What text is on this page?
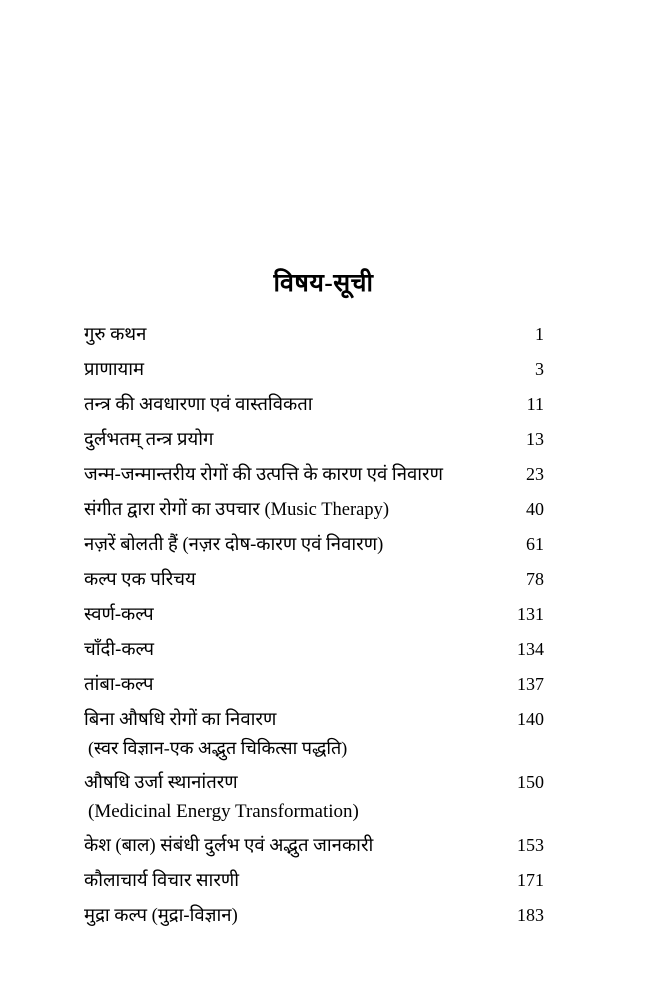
विषय-सूची
गुरु कथन	1
प्राणायाम	3
तन्त्र की अवधारणा एवं वास्तविकता	11
दुर्लभतम् तन्त्र प्रयोग	13
जन्म-जन्मान्तरीय रोगों की उत्पत्ति के कारण एवं निवारण	23
संगीत द्वारा रोगों का उपचार (Music Therapy)	40
नज़रें बोलती हैं (नज़र दोष-कारण एवं निवारण)	61
कल्प एक परिचय	78
स्वर्ण-कल्प	131
चाँदी-कल्प	134
तांबा-कल्प	137
बिना औषधि रोगों का निवारण	140
(स्वर विज्ञान-एक अद्भुत चिकित्सा पद्धति)
औषधि उर्जा स्थानांतरण	150
(Medicinal Energy Transformation)
केश (बाल) संबंधी दुर्लभ एवं अद्भुत जानकारी	153
कौलाचार्य विचार सारणी	171
मुद्रा कल्प (मुद्रा-विज्ञान)	183
